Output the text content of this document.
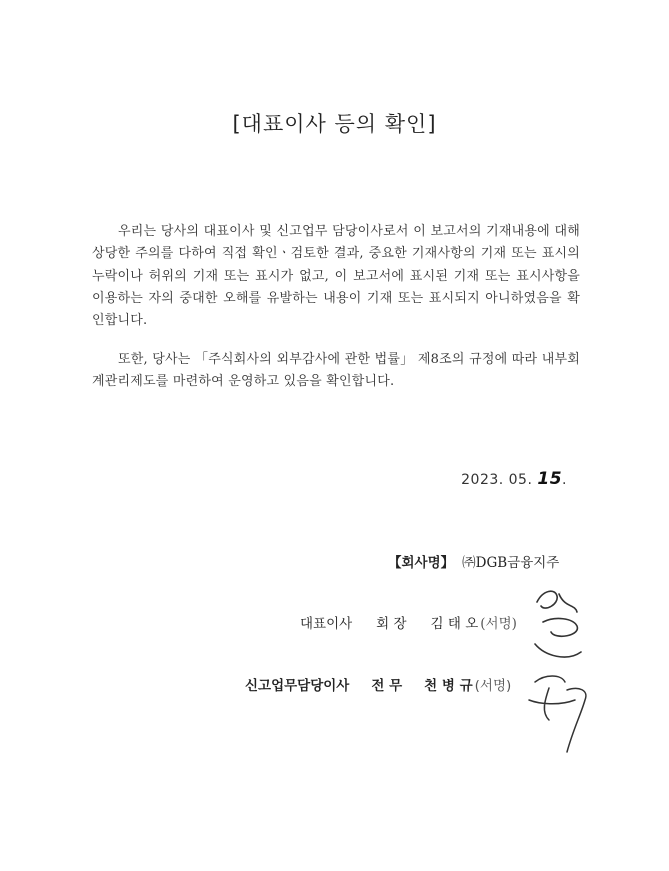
[대표이사 등의 확인]
우리는 당사의 대표이사 및 신고업무 담당이사로서 이 보고서의 기재내용에 대해 상당한 주의를 다하여 직접 확인ㆍ검토한 결과, 중요한 기재사항의 기재 또는 표시의 누락이나 허위의 기재 또는 표시가 없고, 이 보고서에 표시된 기재 또는 표시사항을 이용하는 자의 중대한 오해를 유발하는 내용이 기재 또는 표시되지 아니하였음을 확인합니다.
또한, 당사는 「주식회사의 외부감사에 관한 법률」 제8조의 규정에 따라 내부회계관리제도를 마련하여 운영하고 있음을 확인합니다.
2023. 05. 15.
【회사명】 ㈜DGB금융지주
대표이사 회 장 김 태 오 (서명)
신고업무담당이사 전 무 천 병 규 (서명)
